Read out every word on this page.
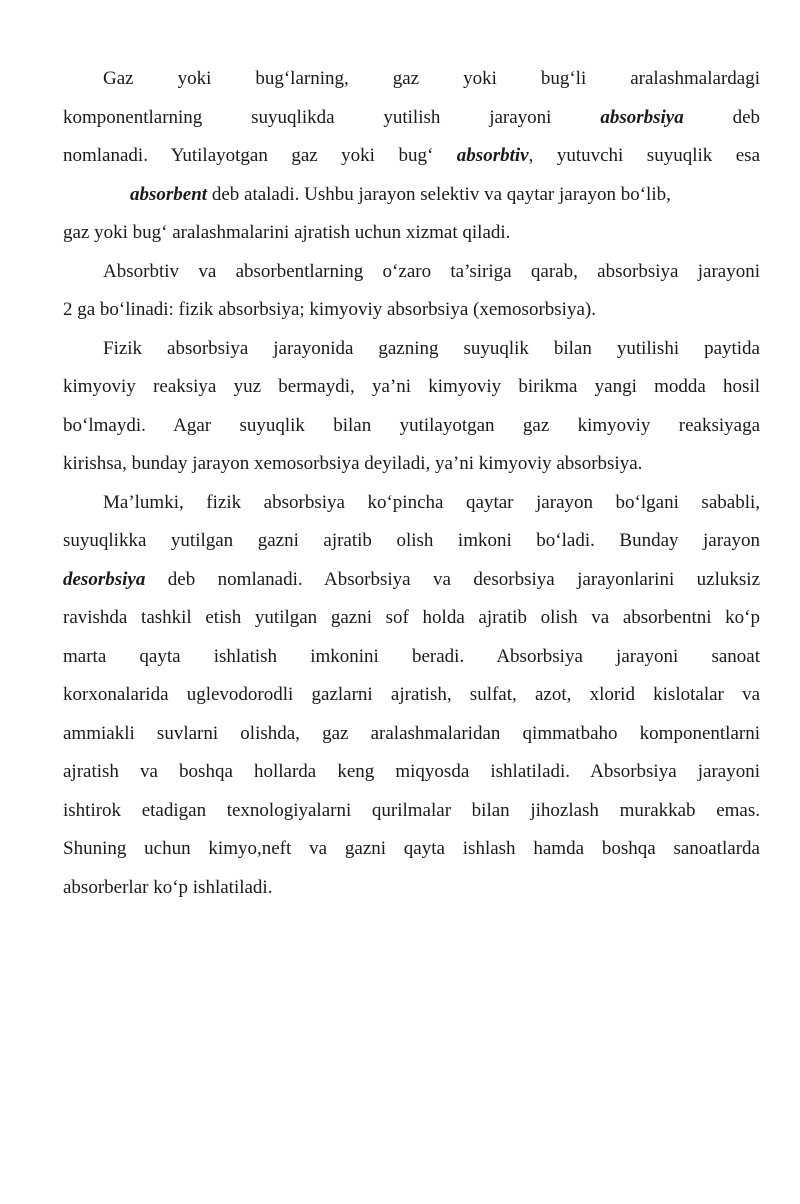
Gaz yoki bug‘larning, gaz yoki bug‘li aralashmalardagi
komponentlarning suyuqlikda yutilish jarayoni	absorbsiya	deb
nomlanadi. Yutilayotgan gaz yoki bug‘ absorbtiv, yutuvchi suyuqlik esa
absorbent deb ataladi. Ushbu jarayon selektiv va qaytar jarayon bo‘lib,
gaz yoki bug‘ aralashmalarini ajratish uchun xizmat qiladi.
Absorbtiv va absorbentlarning o‘zaro ta’siriga qarab, absorbsiya jarayoni
2 ga bo‘linadi: fizik absorbsiya; kimyoviy absorbsiya (xemosorbsiya).
Fizik absorbsiya jarayonida gazning suyuqlik bilan yutilishi paytida
kimyoviy reaksiya yuz bermaydi, ya’ni kimyoviy birikma yangi modda hosil
bo‘lmaydi. Agar suyuqlik bilan yutilayotgan gaz kimyoviy reaksiyaga
kirishsa, bunday jarayon xemosorbsiya deyiladi, ya’ni kimyoviy absorbsiya.
Ma’lumki, fizik absorbsiya ko‘pincha qaytar jarayon bo‘lgani sababli,
suyuqlikka yutilgan gazni ajratib olish imkoni bo‘ladi. Bunday jarayon
desorbsiya deb nomlanadi. Absorbsiya va desorbsiya jarayonlarini uzluksiz
ravishda tashkil etish yutilgan gazni sof holda ajratib olish va absorbentni ko‘p
marta qayta ishlatish imkonini beradi. Absorbsiya jarayoni sanoat
korxonalarida uglevodorodli gazlarni ajratish, sulfat, azot, xlorid kislotalar va
ammiakli suvlarni olishda, gaz aralashmalaridan qimmatbaho komponentlarni
ajratish va boshqa hollarda keng miqyosda ishlatiladi. Absorbsiya jarayoni
ishtirok etadigan texnologiyalarni qurilmalar bilan jihozlash murakkab emas.
Shuning uchun kimyo,neft va gazni qayta ishlash hamda boshqa sanoatlarda
absorberlar ko‘p ishlatiladi.
